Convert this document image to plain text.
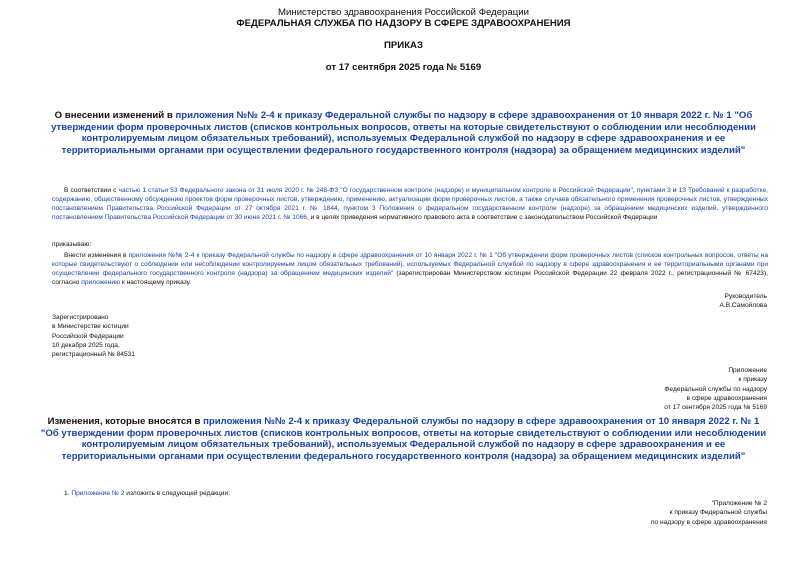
Министерство здравоохранения Российской Федерации
ФЕДЕРАЛЬНАЯ СЛУЖБА ПО НАДЗОРУ В СФЕРЕ ЗДРАВООХРАНЕНИЯ
ПРИКАЗ
от 17 сентября 2025 года № 5169
О внесении изменений в приложения №№ 2-4 к приказу Федеральной службы по надзору в сфере здравоохранения от 10 января 2022 г. № 1 "Об утверждении форм проверочных листов (списков контрольных вопросов, ответы на которые свидетельствуют о соблюдении или несоблюдении контролируемым лицом обязательных требований), используемых Федеральной службой по надзору в сфере здравоохранения и ее территориальными органами при осуществлении федерального государственного контроля (надзора) за обращением медицинских изделий"
В соответствии с частью 1 статьи 53 Федерального закона от 31 июля 2020 г. № 248-ФЗ "О государственном контроле (надзоре) и муниципальном контроле в Российской Федерации", пунктами 3 и 13 Требований к разработке, содержанию, общественному обсуждению проектов форм проверочных листов, утверждению, применению, актуализации форм проверочных листов, а также случаев обязательного применения проверочных листов, утвержденных постановлением Правительства Российской Федерации от 27 октября 2021 г. № 1844, пунктом 3 Положения о федеральном государственном контроле (надзоре) за обращением медицинских изделий, утвержденного постановлением Правительства Российской Федерации от 30 июня 2021 г. № 1066, и в целях приведения нормативного правового акта в соответствие с законодательством Российской Федерации
приказываю:
Внести изменения в приложения №№ 2-4 к приказу Федеральной службы по надзору в сфере здравоохранения от 10 января 2022 г. № 1 "Об утверждении форм проверочных листов (списков контрольных вопросов, ответы на которые свидетельствуют о соблюдении или несоблюдении контролируемым лицом обязательных требований), используемых Федеральной службой по надзору в сфере здравоохранения и ее территориальными органами при осуществлении федерального государственного контроля (надзора) за обращением медицинских изделий" (зарегистрирован Министерством юстиции Российской Федерации 22 февраля 2022 г., регистрационный № 67423), согласно приложению к настоящему приказу.
Руководитель
А.В.Самойлова
Зарегистрировано
в Министерстве юстиции
Российской Федерации
10 декабря 2025 года,
регистрационный № 84531
Приложение
к приказу
Федеральной службы по надзору
в сфере здравоохранения
от 17 сентября 2025 года № 5169
Изменения, которые вносятся в приложения №№ 2-4 к приказу Федеральной службы по надзору в сфере здравоохранения от 10 января 2022 г. № 1 "Об утверждении форм проверочных листов (списков контрольных вопросов, ответы на которые свидетельствуют о соблюдении или несоблюдении контролируемым лицом обязательных требований), используемых Федеральной службой по надзору в сфере здравоохранения и ее территориальными органами при осуществлении федерального государственного контроля (надзора) за обращением медицинских изделий"
1. Приложение № 2 изложить в следующей редакции:
"Приложение № 2
к приказу Федеральной службы
по надзору в сфере здравоохранения
